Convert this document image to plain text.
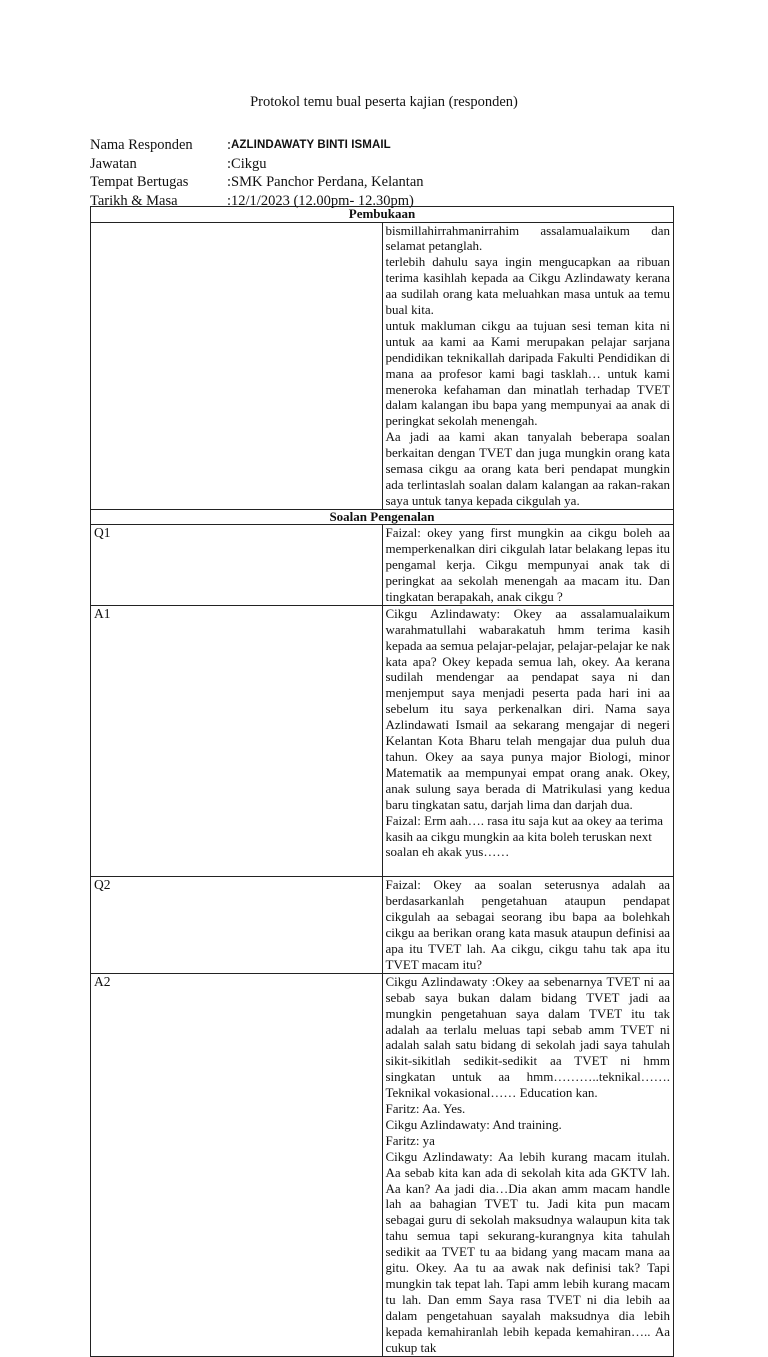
Protokol temu bual peserta kajian (responden)
Nama Responden	: AZLINDAWATY BINTI ISMAIL
Jawatan	: Cikgu
Tempat Bertugas	: SMK Panchor Perdana, Kelantan
Tarikh & Masa	: 12/1/2023 (12.00pm- 12.30pm)
Pembukaan	

	bismillahirrahmanirrahim assalamualaikum dan selamat petanglаh.

terlebih dahulu saya ingin mengucapkan aa ribuan terima kasihlah kepada aa Cikgu Azlindawaty kerana aa sudilah orang kata meluahkan masa untuk aa temu bual kita.

untuk makluman cikgu aa tujuan sesi teman kita ni untuk aa kami aa Kami merupakan pelajar sarjana pendidikan teknikallah daripada Fakulti Pendidikan di mana aa profesor kami bagi tasklah… untuk kami meneroka kefahaman dan minatlah terhadap TVET dalam kalangan ibu bapa yang mempunyai aa anak di peringkat sekolah menengah.

Aa jadi aa kami akan tanyalah beberapa soalan berkaitan dengan TVET dan juga mungkin orang kata semasa cikgu aa orang kata beri pendapat mungkin ada terlintaslah soalan dalam kalangan aa rakan-rakan saya untuk tanya kepada cikgulah ya.

Soalan Pengenalan	
Q1	Faizal: okey yang first mungkin aa cikgu boleh aa memperkenalkan diri cikgulah latar belakang lepas itu pengamal kerja. Cikgu mempunyai anak tak di peringkat aa sekolah menengah aa macam itu. Dan tingkatan berapakah, anak cikgu ?

A1	Cikgu Azlindawaty: Okey aa assalamualaikum warahmatullahi wabarakatuh hmm terima kasih kepada aa semua pelajar-pelajar, pelajar-pelajar ke nak kata apa? Okey kepada semua lah, okey. Aa kerana sudilah mendengar aa pendapat saya ni dan menjemput saya menjadi peserta pada hari ini aa sebelum itu saya perkenalkan diri. Nama saya Azlindawati Ismail aa sekarang mengajar di negeri Kelantan Kota Bharu telah mengajar dua puluh dua tahun. Okey aa saya punya major Biologi, minor Matematik aa mempunyai empat orang anak. Okey, anak sulung saya berada di Matrikulasi yang kedua baru tingkatan satu, darjah lima dan darjah dua.

Faizal: Erm aah…. rasa itu saja kut aa okey aa terima kasih aa cikgu mungkin aa kita boleh teruskan next soalan eh akak yus……

Q2	Faizal: Okey aa soalan seterusnya adalah aa berdasarkanlah pengetahuan ataupun pendapat cikgulah aa sebagai seorang ibu bapa aa bolehkah cikgu aa berikan orang kata masuk ataupun definisi aa apa itu TVET lah. Aa cikgu, cikgu tahu tak apa itu TVET macam itu?

A2	Cikgu Azlindawaty :Okey aa sebenarnya TVET ni aa sebab saya bukan dalam bidang TVET jadi aa mungkin pengetahuan saya dalam TVET itu tak adalah aa terlalu meluas tapi sebab amm TVET ni adalah salah satu bidang di sekolah jadi saya tahulah sikit-sikitlah sedikit-sedikit aa TVET ni hmm singkatan untuk aa hmm………..teknikal……. Teknikal vokasional…… Education kan.

Faritz: Aa. Yes.

Cikgu Azlindawaty: And training.

Faritz: ya

Cikgu Azlindawaty: Aa lebih kurang macam itulah. Aa sebab kita kan ada di sekolah kita ada GKTV lah. Aa kan? Aa jadi dia…Dia akan amm macam handle lah aa bahagian TVET tu. Jadi kita pun macam sebagai guru di sekolah maksudnya walaupun kita tak tahu semua tapi sekurang-kurangnya kita tahulah sedikit aa TVET tu aa bidang yang macam mana aa gitu. Okey. Aa tu aa awak nak definisi tak? Tapi mungkin tak tepat lah. Tapi amm lebih kurang macam tu lah. Dan emm Saya rasa TVET ni dia lebih aa dalam pengetahuan sayalah maksudnya dia lebih kepada kemahiranlah lebih kepada kemahiran….. Aa cukup tak
